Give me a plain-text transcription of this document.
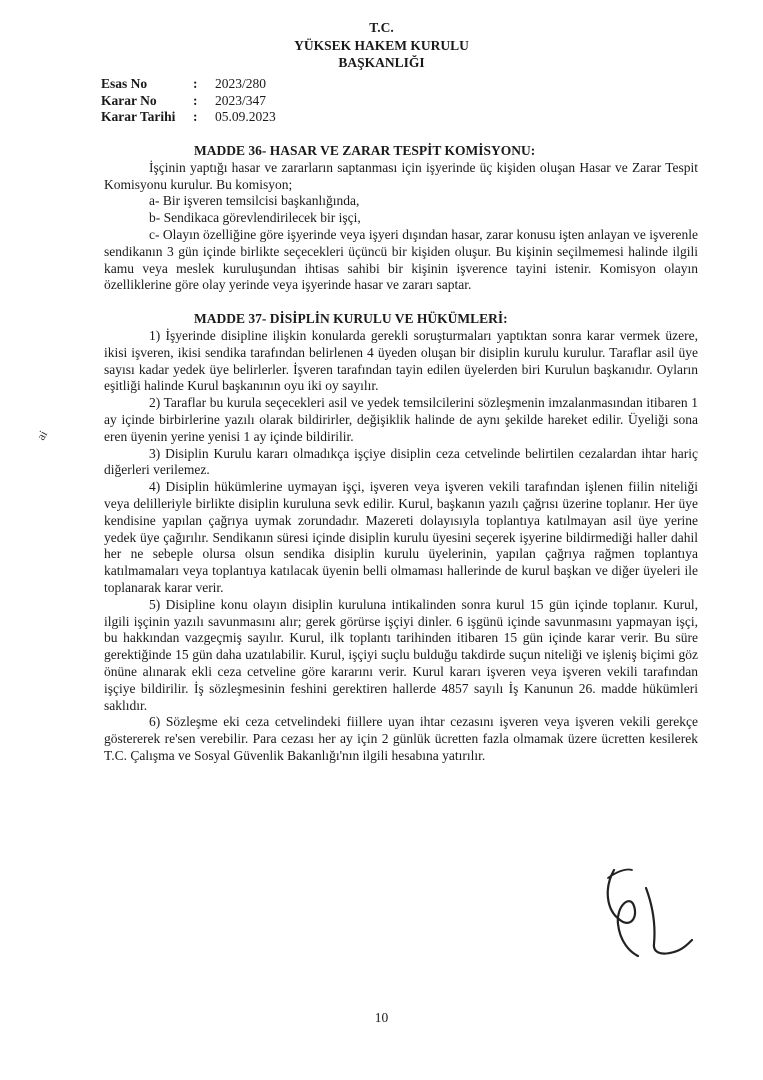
T.C.
YÜKSEK HAKEM KURULU
BAŞKANLIĞI
Esas No	:	2023/280
Karar No	:	2023/347
Karar Tarihi	:	05.09.2023

MADDE 36- HASAR VE ZARAR TESPİT KOMİSYONU:

İşçinin yaptığı hasar ve zararların saptanması için işyerinde üç kişiden oluşan Hasar ve Zarar Tespit Komisyonu kurulur. Bu komisyon;

a- Bir işveren temsilcisi başkanlığında,

b- Sendikaca görevlendirilecek bir işçi,

c- Olayın özelliğine göre işyerinde veya işyeri dışından hasar, zarar konusu işten anlayan ve işverenle sendikanın 3 gün içinde birlikte seçecekleri üçüncü bir kişiden oluşur. Bu kişinin seçilmemesi halinde ilgili kamu veya meslek kuruluşundan ihtisas sahibi bir kişinin işverence tayini istenir. Komisyon olayın özelliklerine göre olay yerinde veya işyerinde hasar ve zararı saptar.

MADDE 37- DİSİPLİN KURULU VE HÜKÜMLERİ:

1) İşyerinde disipline ilişkin konularda gerekli soruşturmaları yaptıktan sonra karar vermek üzere, ikisi işveren, ikisi sendika tarafından belirlenen 4 üyeden oluşan bir disiplin kurulu kurulur. Taraflar asil üye sayısı kadar yedek üye belirlerler. İşveren tarafından tayin edilen üyelerden biri Kurulun başkanıdır. Oyların eşitliği halinde Kurul başkanının oyu iki oy sayılır.

2) Taraflar bu kurula seçecekleri asil ve yedek temsilcilerini sözleşmenin imzalanmasından itibaren 1 ay içinde birbirlerine yazılı olarak bildirirler, değişiklik halinde de aynı şekilde hareket edilir. Üyeliği sona eren üyenin yerine yenisi 1 ay içinde bildirilir.

3) Disiplin Kurulu kararı olmadıkça işçiye disiplin ceza cetvelinde belirtilen cezalardan ihtar hariç diğerleri verilemez.

4) Disiplin hükümlerine uymayan işçi, işveren veya işveren vekili tarafından işlenen fiilin niteliği veya delilleriyle birlikte disiplin kuruluna sevk edilir. Kurul, başkanın yazılı çağrısı üzerine toplanır. Her üye kendisine yapılan çağrıya uymak zorundadır. Mazereti dolayısıyla toplantıya katılmayan asil üye yerine yedek üye çağırılır. Sendikanın süresi içinde disiplin kurulu üyesini seçerek işyerine bildirmediği haller dahil her ne sebeple olursa olsun sendika disiplin kurulu üyelerinin, yapılan çağrıya rağmen toplantıya katılmamaları veya toplantıya katılacak üyenin belli olmaması hallerinde de kurul başkan ve diğer üyeleri ile toplanarak karar verir.

5) Disipline konu olayın disiplin kuruluna intikalinden sonra kurul 15 gün içinde toplanır. Kurul, ilgili işçinin yazılı savunmasını alır; gerek görürse işçiyi dinler. 6 işgünü içinde savunmasını yapmayan işçi, bu hakkından vazgeçmiş sayılır. Kurul, ilk toplantı tarihinden itibaren 15 gün içinde karar verir. Bu süre gerektiğinde 15 gün daha uzatılabilir. Kurul, işçiyi suçlu bulduğu takdirde suçun niteliği ve işleniş biçimi göz önüne alınarak ekli ceza cetveline göre kararını verir. Kurul kararı işveren veya işveren vekili tarafından işçiye bildirilir. İş sözleşmesinin feshini gerektiren hallerde 4857 sayılı İş Kanunun 26. madde hükümleri saklıdır.

6) Sözleşme eki ceza cetvelindeki fiillere uyan ihtar cezasını işveren veya işveren vekili gerekçe göstererek re'sen verebilir. Para cezası her ay için 2 günlük ücretten fazla olmamak üzere ücretten kesilerek T.C. Çalışma ve Sosyal Güvenlik Bakanlığı'nın ilgili hesabına yatırılır.

ai
10
